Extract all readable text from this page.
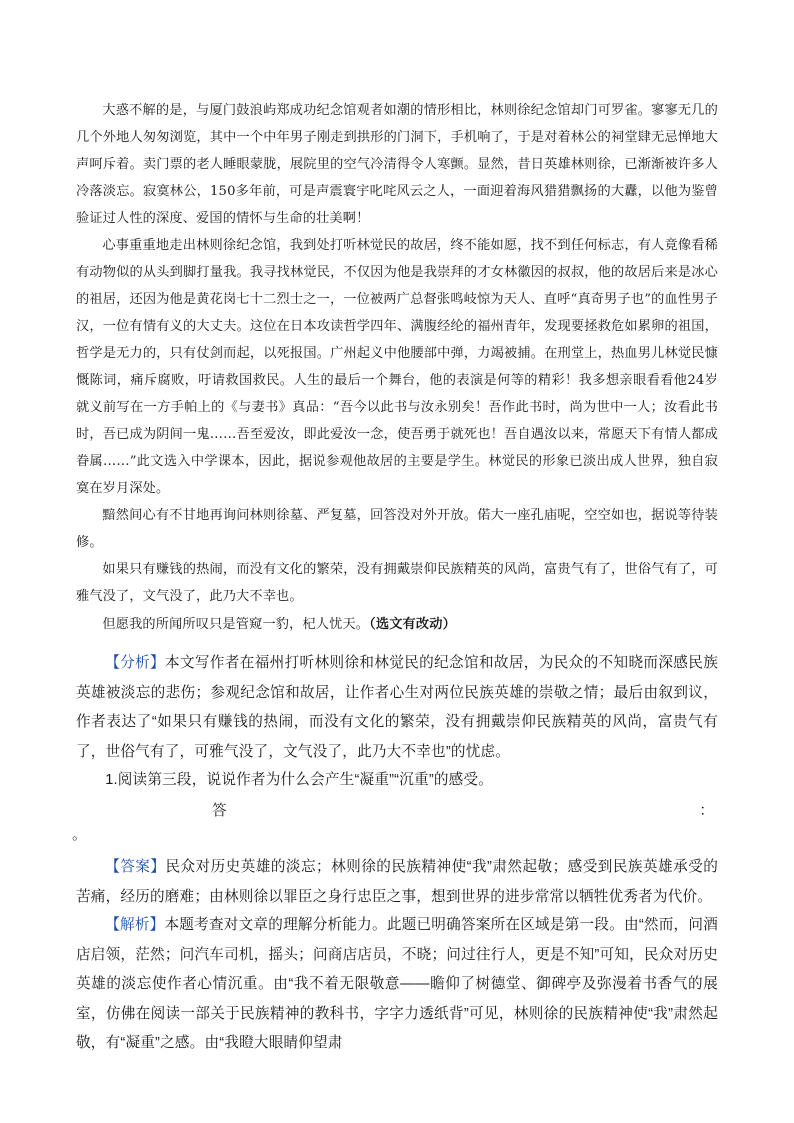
大惑不解的是，与厦门鼓浪屿郑成功纪念馆观者如潮的情形相比，林则徐纪念馆却门可罗雀。寥寥无几的几个外地人匆匆浏览，其中一个中年男子刚走到拱形的门洞下，手机响了，于是对着林公的祠堂肆无忌惮地大声呵斥着。卖门票的老人睡眼蒙胧，展院里的空气冷清得令人寒颤。显然，昔日英雄林则徐，已渐渐被许多人冷落淡忘。寂寞林公，150多年前，可是声震寰宇叱咤风云之人，一面迎着海风猎猎飘扬的大纛，以他为鉴曾验证过人性的深度、爱国的情怀与生命的壮美啊！

心事重重地走出林则徐纪念馆，我到处打听林觉民的故居，终不能如愿，找不到任何标志，有人竟像看稀有动物似的从头到脚打量我。我寻找林觉民，不仅因为他是我崇拜的才女林徽因的叔叔，他的故居后来是冰心的祖居，还因为他是黄花岗七十二烈士之一，一位被两广总督张鸣岐惊为天人、直呼“真奇男子也”的血性男子汉，一位有情有义的大丈夫。这位在日本攻读哲学四年、满腹经纶的福州青年，发现要拯救危如累卵的祖国，哲学是无力的，只有仗剑而起，以死报国。广州起义中他腰部中弹，力竭被捕。在刑堂上，热血男儿林觉民慷慨陈词，痛斥腐败，吁请救国救民。人生的最后一个舞台，他的表演是何等的精彩！我多想亲眼看看他24岁就义前写在一方手帕上的《与妻书》真品：“吾今以此书与汝永别矣！吾作此书时，尚为世中一人；汝看此书时，吾已成为阴间一鬼……吾至爱汝，即此爱汝一念，使吾勇于就死也！吾自遇汝以来，常愿天下有情人都成眷属……”此文选入中学课本，因此，据说参观他故居的主要是学生。林觉民的形象已淡出成人世界，独自寂寞在岁月深处。

黯然间心有不甘地再询问林则徐墓、严复墓，回答没对外开放。偌大一座孔庙呢，空空如也，据说等待装修。

如果只有赚钱的热闹，而没有文化的繁荣，没有拥戴崇仰民族精英的风尚，富贵气有了，世俗气有了，可雅气没了，文气没了，此乃大不幸也。

但愿我的所闻所叹只是管窥一豹，杞人忧天。（选文有改动）

【分析】本文写作者在福州打听林则徐和林觉民的纪念馆和故居，为民众的不知晓而深感民族英雄被淡忘的悲伤；参观纪念馆和故居，让作者心生对两位民族英雄的崇敬之情；最后由叙到议，作者表达了“如果只有赚钱的热闹，而没有文化的繁荣，没有拥戴崇仰民族精英的风尚，富贵气有了，世俗气有了，可雅气没了，文气没了，此乃大不幸也”的忧虑。

1.阅读第三段，说说作者为什么会产生“凝重”“沉重”的感受。

答	：
。

【答案】民众对历史英雄的淡忘；林则徐的民族精神使“我”肃然起敬；感受到民族英雄承受的苦痛，经历的磨难；由林则徐以罪臣之身行忠臣之事，想到世界的进步常常以牺牲优秀者为代价。

【解析】本题考查对文章的理解分析能力。此题已明确答案所在区域是第一段。由“然而，问酒店启领，茫然；问汽车司机，摇头；问商店店员，不晓；问过往行人，更是不知”可知，民众对历史英雄的淡忘使作者心情沉重。由“我不着无限敬意——瞻仰了树德堂、御碑亭及弥漫着书香气的展室，仿佛在阅读一部关于民族精神的教科书，字字力透纸背”可见，林则徐的民族精神使“我”肃然起敬，有“凝重”之感。由“我瞪大眼睛仰望肃
